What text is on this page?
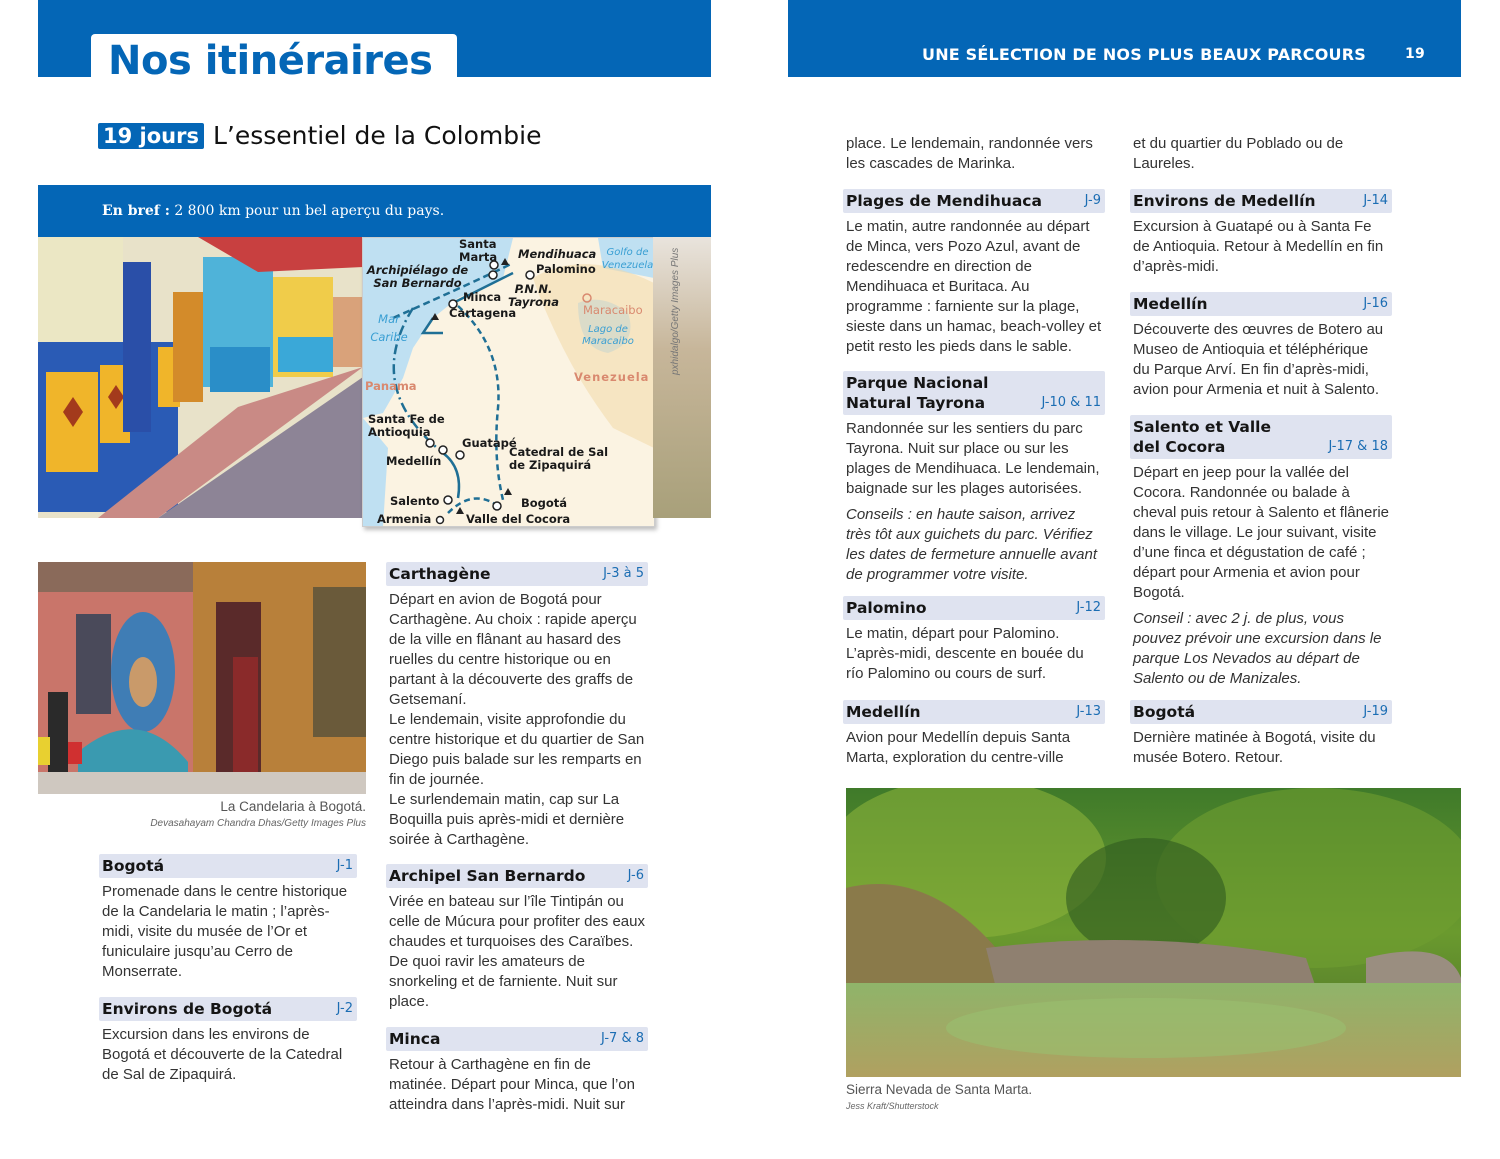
Nos itinéraires
19 jours L’essentiel de la Colombie
En bref : 2 800 km pour un bel aperçu du pays.
Santa Marta Mendihuaca
Palomino
Archipiélago de San Bernardo	P.N.N. Tayrona
Minca
Cartagena
Mar Caribe
Golfo de Venezuela
Maracaibo
Lago de Maracaibo
Venezuela
Panama
Santa Fe de Antioquia
Guatapé
Medellín
Catedral de Sal de Zipaquirá
Salento
Armenia
Bogotá
Valle del Cocora
pxhidalgo/Getty Images Plus
La Candelaria à Bogotá.
Devasahayam Chandra Dhas/Getty Images Plus
Bogotá	J-1
Promenade dans le centre historique de la Candelaria le matin ; l’après-midi, visite du musée de l’Or et funiculaire jusqu’au Cerro de Monserrate.
Environs de Bogotá	J-2
Excursion dans les environs de Bogotá et découverte de la Catedral de Sal de Zipaquirá.
Carthagène	J-3 à 5
Départ en avion de Bogotá pour Carthagène. Au choix : rapide aperçu de la ville en flânant au hasard des ruelles du centre historique ou en partant à la découverte des graffs de Getsemaní.
Le lendemain, visite approfondie du centre historique et du quartier de San Diego puis balade sur les remparts en fin de journée.
Le surlendemain matin, cap sur La Boquilla puis après-midi et dernière soirée à Carthagène.
Archipel San Bernardo	J-6
Virée en bateau sur l’île Tintipán ou celle de Múcura pour profiter des eaux chaudes et turquoises des Caraïbes. De quoi ravir les amateurs de snorkeling et de farniente. Nuit sur place.
Minca	J-7 & 8
Retour à Carthagène en fin de matinée. Départ pour Minca, que l’on atteindra dans l’après-midi. Nuit sur
UNE SÉLECTION DE NOS PLUS BEAUX PARCOURS	19
place. Le lendemain, randonnée vers les cascades de Marinka.
et du quartier du Poblado ou de Laureles.
Plages de Mendihuaca	J-9
Le matin, autre randonnée au départ de Minca, vers Pozo Azul, avant de redescendre en direction de Mendihuaca et Buritaca. Au programme : farniente sur la plage, sieste dans un hamac, beach-volley et petit resto les pieds dans le sable.
Parque Nacional Natural Tayrona	J-10 & 11
Randonnée sur les sentiers du parc Tayrona. Nuit sur place ou sur les plages de Mendihuaca. Le lendemain, baignade sur les plages autorisées.
Conseils : en haute saison, arrivez très tôt aux guichets du parc. Vérifiez les dates de fermeture annuelle avant de programmer votre visite.
Palomino	J-12
Le matin, départ pour Palomino. L’après-midi, descente en bouée du río Palomino ou cours de surf.
Medellín	J-13
Avion pour Medellín depuis Santa Marta, exploration du centre-ville
Environs de Medellín	J-14
Excursion à Guatapé ou à Santa Fe de Antioquia. Retour à Medellín en fin d’après-midi.
Medellín	J-16
Découverte des œuvres de Botero au Museo de Antioquia et téléphérique du Parque Arví. En fin d’après-midi, avion pour Armenia et nuit à Salento.
Salento et Valle del Cocora	J-17 & 18
Départ en jeep pour la vallée del Cocora. Randonnée ou balade à cheval puis retour à Salento et flânerie dans le village. Le jour suivant, visite d’une finca et dégustation de café ; départ pour Armenia et avion pour Bogotá.
Conseil : avec 2 j. de plus, vous pouvez prévoir une excursion dans le parque Los Nevados au départ de Salento ou de Manizales.
Bogotá	J-19
Dernière matinée à Bogotá, visite du musée Botero. Retour.
Sierra Nevada de Santa Marta.
Jess Kraft/Shutterstock
